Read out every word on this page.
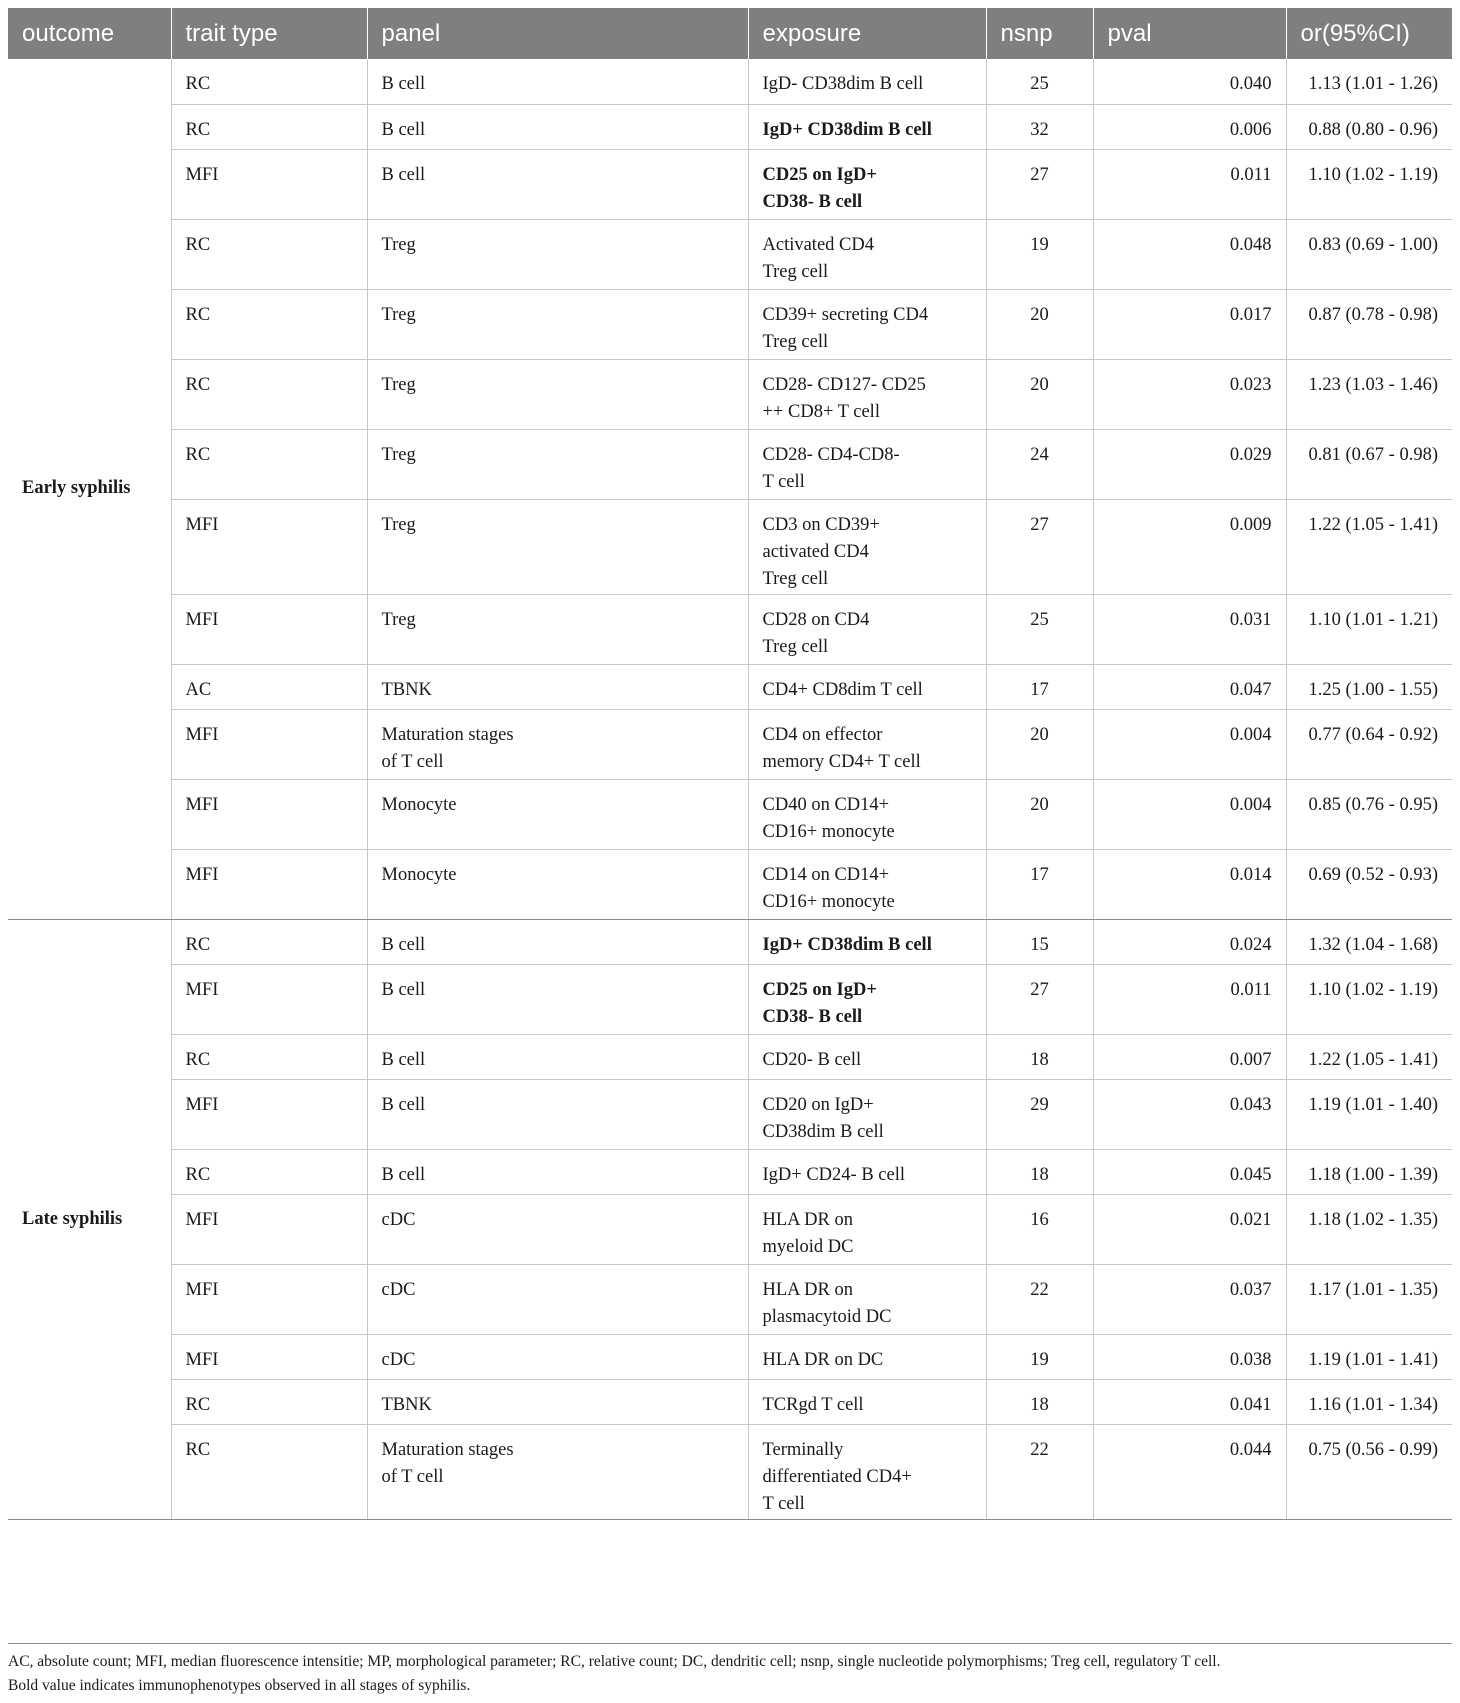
outcome	trait type	panel	exposure	nsnp	pval	or(95%CI)
Early syphilis	RC	B cell	IgD- CD38dim B cell	25	0.040	1.13 (1.01 - 1.26)
	RC	B cell	IgD+ CD38dim B cell	32	0.006	0.88 (0.80 - 0.96)
	MFI	B cell	CD25 on IgD+
CD38- B cell	27	0.011	1.10 (1.02 - 1.19)
	RC	Treg	Activated CD4
Treg cell	19	0.048	0.83 (0.69 - 1.00)
	RC	Treg	CD39+ secreting CD4
Treg cell	20	0.017	0.87 (0.78 - 0.98)
	RC	Treg	CD28- CD127- CD25
++ CD8+ T cell	20	0.023	1.23 (1.03 - 1.46)
	RC	Treg	CD28- CD4-CD8-
T cell	24	0.029	0.81 (0.67 - 0.98)
	MFI	Treg	CD3 on CD39+
activated CD4
Treg cell	27	0.009	1.22 (1.05 - 1.41)
	MFI	Treg	CD28 on CD4
Treg cell	25	0.031	1.10 (1.01 - 1.21)
	AC	TBNK	CD4+ CD8dim T cell	17	0.047	1.25 (1.00 - 1.55)
	MFI	Maturation stages
of T cell	CD4 on effector
memory CD4+ T cell	20	0.004	0.77 (0.64 - 0.92)
	MFI	Monocyte	CD40 on CD14+
CD16+ monocyte	20	0.004	0.85 (0.76 - 0.95)
	MFI	Monocyte	CD14 on CD14+
CD16+ monocyte	17	0.014	0.69 (0.52 - 0.93)
Late syphilis	RC	B cell	IgD+ CD38dim B cell	15	0.024	1.32 (1.04 - 1.68)
	MFI	B cell	CD25 on IgD+
CD38- B cell	27	0.011	1.10 (1.02 - 1.19)
	RC	B cell	CD20- B cell	18	0.007	1.22 (1.05 - 1.41)
	MFI	B cell	CD20 on IgD+
CD38dim B cell	29	0.043	1.19 (1.01 - 1.40)
	RC	B cell	IgD+ CD24- B cell	18	0.045	1.18 (1.00 - 1.39)
	MFI	cDC	HLA DR on
myeloid DC	16	0.021	1.18 (1.02 - 1.35)
	MFI	cDC	HLA DR on
plasmacytoid DC	22	0.037	1.17 (1.01 - 1.35)
	MFI	cDC	HLA DR on DC	19	0.038	1.19 (1.01 - 1.41)
	RC	TBNK	TCRgd T cell	18	0.041	1.16 (1.01 - 1.34)
	RC	Maturation stages
of T cell	Terminally
differentiated CD4+
T cell	22	0.044	0.75 (0.56 - 0.99)

AC, absolute count; MFI, median fluorescence intensitie; MP, morphological parameter; RC, relative count; DC, dendritic cell; nsnp, single nucleotide polymorphisms; Treg cell, regulatory T cell.

Bold value indicates immunophenotypes observed in all stages of syphilis.
